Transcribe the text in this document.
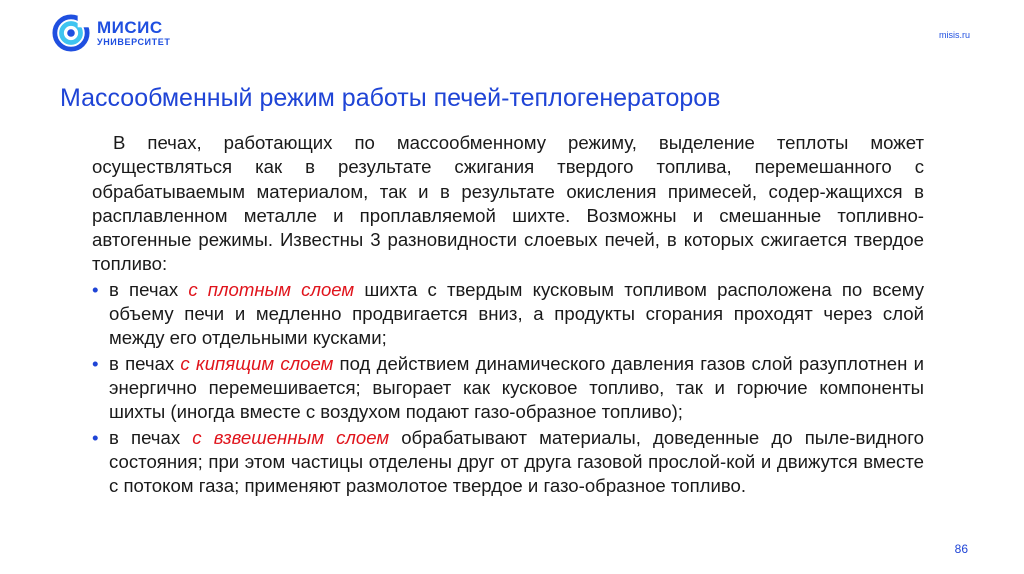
МИСИС
УНИВЕРСИТЕТ
misis.ru
Массообменный режим работы печей-теплогенераторов

В печах, работающих по массообменному режиму, выделение теплоты может осуществляться как в результате сжигания твердого топлива, перемешанного с обрабатываемым материалом, так и в результате окисления примесей, содер-жащихся в расплавленном металле и проплавляемой шихте. Возможны и смешанные топливно-автогенные режимы. Известны 3 разновидности слоевых печей, в которых сжигается твердое топливо:

• в печах с плотным слоем шихта с твердым кусковым топливом расположена по всему объему печи и медленно продвигается вниз, а продукты сгорания проходят через слой между его отдельными кусками;
• в печах с кипящим слоем под действием динамического давления газов слой разуплотнен и энергично перемешивается; выгорает как кусковое топливо, так и горючие компоненты шихты (иногда вместе с воздухом подают газо-образное топливо);
• в печах с взвешенным слоем обрабатывают материалы, доведенные до пыле-видного состояния; при этом частицы отделены друг от друга газовой прослой-кой и движутся вместе с потоком газа; применяют размолотое твердое и газо-образное топливо.
86
